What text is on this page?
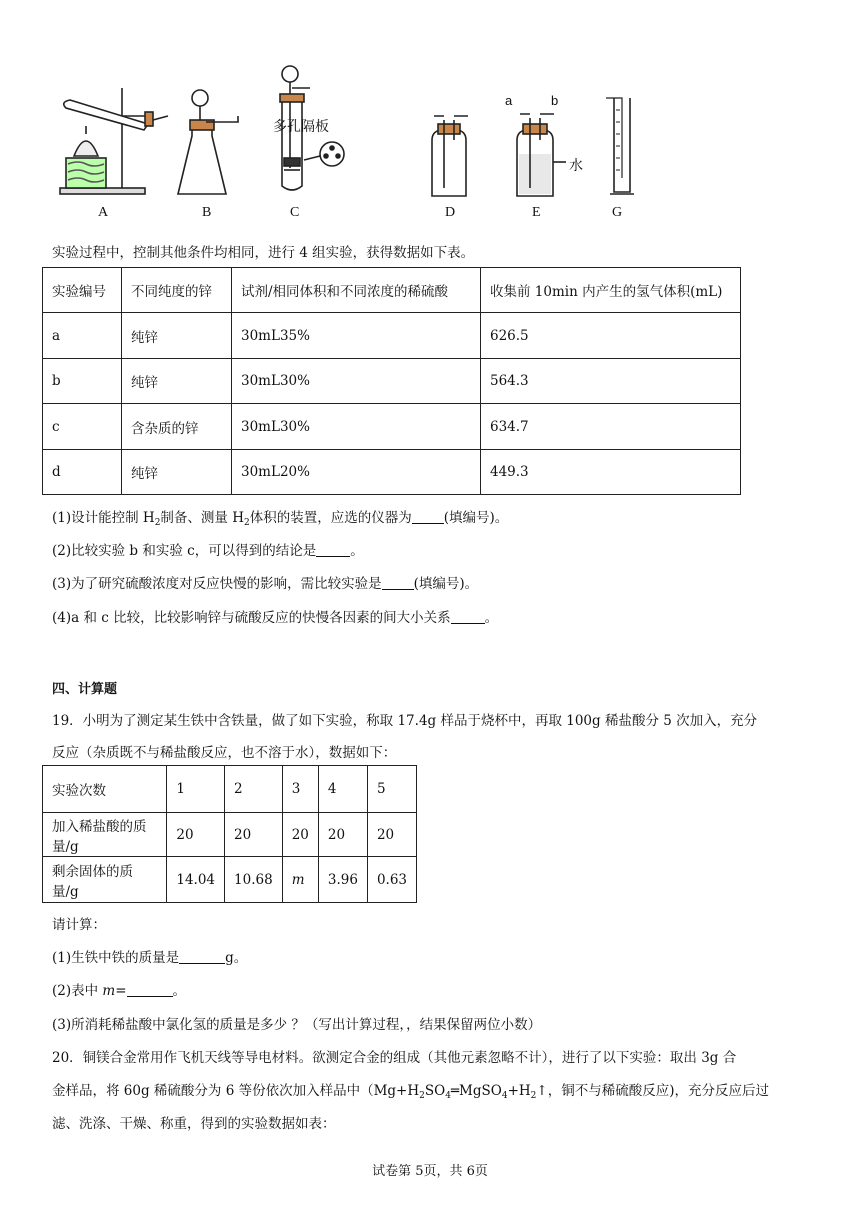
多孔隔板
水
a	b
A	B	C	D	E	G

实验过程中，控制其他条件均相同，进行 4 组实验，获得数据如下表。

实验编号	不同纯度的锌	试剂/相同体积和不同浓度的稀硫酸	收集前 10min 内产生的氢气体积(mL)
a	纯锌	30mL35%	626.5
b	纯锌	30mL30%	564.3
c	含杂质的锌	30mL30%	634.7
d	纯锌	30mL20%	449.3

(1)设计能控制 $H_2$制备、测量 $H_2$体积的装置，应选的仪器为 (填编号)。

(2)比较实验 b 和实验 c，可以得到的结论是	。

(3)为了研究硫酸浓度对反应快慢的影响，需比较实验是 (填编号)。

(4)a 和 c 比较，比较影响锌与硫酸反应的快慢各因素的间大小关系	。

四、计算题

19．小明为了测定某生铁中含铁量，做了如下实验，称取 17.4g 样品于烧杯中，再取 100g 稀盐酸分 5 次加入，充分

反应（杂质既不与稀盐酸反应，也不溶于水），数据如下：

实验次数	1	2	3	4	5
加入稀盐酸的质量/g	20	20	20	20	20
剩余固体的质量/g	14.04	10.68	m	3.96	0.63

请计算：

(1)生铁中铁的质量是	g。

(2)表中 m=	。

(3)所消耗稀盐酸中氯化氢的质量是多少 ？（写出计算过程，，结果保留两位小数）

20．铜镁合金常用作飞机天线等导电材料。欲测定合金的组成（其他元素忽略不计），进行了以下实验：取出 3g 合

金样品，将 60g 稀硫酸分为 6 等份依次加入样品中（$Mg+H_2SO_4═MgSO_4+H_2↑$，铜不与稀硫酸反应)，充分反应后过

滤、洗涤、干燥、称重，得到的实验数据如表：

试卷第 5页，共 6页
